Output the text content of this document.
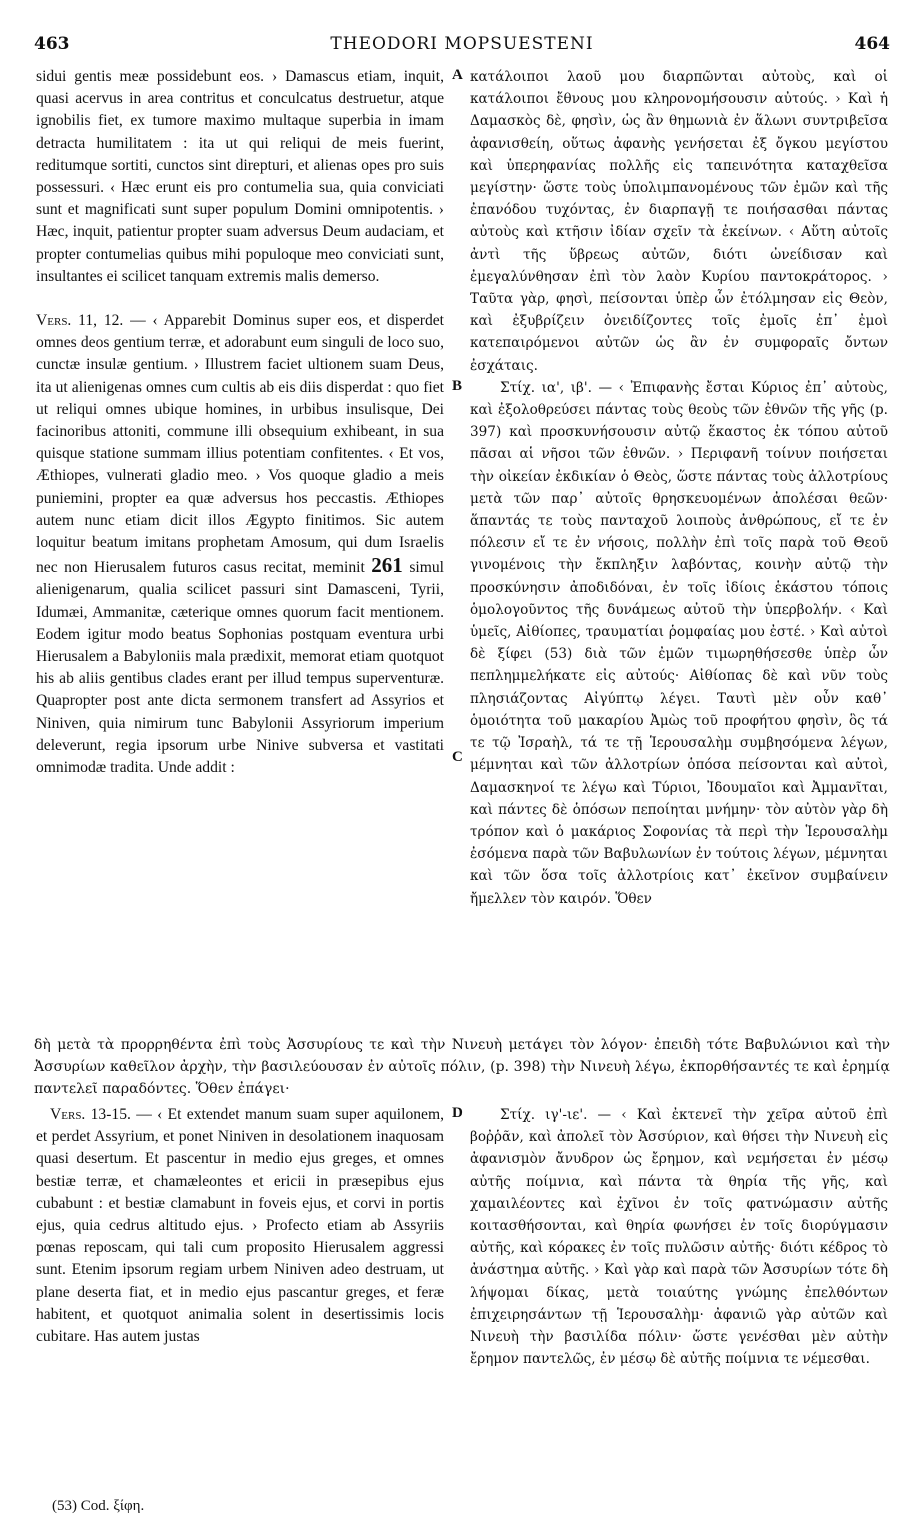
463	THEODORI MOPSUESTENI	464

sidui gentis meæ possidebunt eos. › Damascus etiam, inquit, quasi acervus in area contritus et conculcatus destruetur, atque ignobilis fiet, ex tumore maximo multaque superbia in imam detracta humilitatem : ita ut qui reliqui de meis fuerint, reditumque sortiti, cunctos sint direpturi, et alienas opes pro suis possessuri. ‹ Hæc erunt eis pro contumelia sua, quia conviciati sunt et magnificati sunt super populum Domini omnipotentis. › Hæc, inquit, patientur propter suam adversus Deum audaciam, et propter contumelias quibus mihi populoque meo conviciati sunt, insultantes ei scilicet tanquam extremis malis demerso.

Vers. 11, 12. — ‹ Apparebit Dominus super eos, et disperdet omnes deos gentium terræ, et adorabunt eum singuli de loco suo, cunctæ insulæ gentium. › Illustrem faciet ultionem suam Deus, ita ut alienigenas omnes cum cultis ab eis diis disperdat : quo fiet ut reliqui omnes ubique homines, in urbibus insulisque, Dei facinoribus attoniti, commune illi obsequium exhibeant, in sua quisque statione summam illius potentiam confitentes. ‹ Et vos, Æthiopes, vulnerati gladio meo. › Vos quoque gladio a meis puniemini, propter ea quæ adversus hos peccastis. Æthiopes autem nunc etiam dicit illos Ægypto finitimos. Sic autem loquitur beatum imitans prophetam Amosum, qui dum Israelis nec non Hierusalem futuros casus recitat, meminit 261 simul alienigenarum, qualia scilicet passuri sint Damasceni, Tyrii, Idumæi, Ammanitæ, cæterique omnes quorum facit mentionem. Eodem igitur modo beatus Sophonias postquam eventura urbi Hierusalem a Babyloniis mala prædixit, memorat etiam quotquot his ab aliis gentibus clades erant per illud tempus superventuræ. Quapropter post ante dicta sermonem transfert ad Assyrios et Niniven, quia nimirum tunc Babylonii Assyriorum imperium deleverunt, regia ipsorum urbe Ninive subversa et vastitati omnimodæ tradita. Unde addit :

κατάλοιποι λαοῦ μου διαρπῶνται αὐτοὺς, καὶ οἱ κατάλοιποι ἔθνους μου κληρονομήσουσιν αὐτούς. › Καὶ ἡ Δαμασκὸς δὲ, φησὶν, ὡς ἂν θημωνιὰ ἐν ἅλωνι συντριβεῖσα ἀφανισθείη, οὕτως ἀφανὴς γενήσεται ἐξ ὄγκου μεγίστου καὶ ὑπερηφανίας πολλῆς εἰς ταπεινότητα καταχθεῖσα μεγίστην· ὥστε τοὺς ὑπολιμπανομένους τῶν ἐμῶν καὶ τῆς ἐπανόδου τυχόντας, ἐν διαρπαγῇ τε ποιήσασθαι πάντας αὐτοὺς καὶ κτῆσιν ἰδίαν σχεῖν τὰ ἐκείνων. ‹ Αὕτη αὐτοῖς ἀντὶ τῆς ὕβρεως αὐτῶν, διότι ὠνείδισαν καὶ ἐμεγαλύνθησαν ἐπὶ τὸν λαὸν Κυρίου παντοκράτορος. › Ταῦτα γὰρ, φησὶ, πείσονται ὑπὲρ ὧν ἐτόλμησαν εἰς Θεὸν, καὶ ἐξυβρίζειν ὀνειδίζοντες τοῖς ἐμοῖς ἐπ᾽ ἐμοὶ κατεπαιρόμενοι αὐτῶν ὡς ἂν ἐν συμφοραῖς ὄντων ἐσχάταις.

Στίχ. ια', ιβ'. — ‹ Ἐπιφανὴς ἔσται Κύριος ἐπ᾽ αὐτοὺς, καὶ ἐξολοθρεύσει πάντας τοὺς θεοὺς τῶν ἐθνῶν τῆς γῆς (p. 397) καὶ προσκυνήσουσιν αὐτῷ ἕκαστος ἐκ τόπου αὐτοῦ πᾶσαι αἱ νῆσοι τῶν ἐθνῶν. › Περιφανῆ τοίνυν ποιήσεται τὴν οἰκείαν ἐκδικίαν ὁ Θεὸς, ὥστε πάντας τοὺς ἀλλοτρίους μετὰ τῶν παρ᾽ αὐτοῖς θρησκευομένων ἀπολέσαι θεῶν· ἅπαντάς τε τοὺς πανταχοῦ λοιποὺς ἀνθρώπους, εἴ τε ἐν πόλεσιν εἴ τε ἐν νήσοις, πολλὴν ἐπὶ τοῖς παρὰ τοῦ Θεοῦ γινομένοις τὴν ἔκπληξιν λαβόντας, κοινὴν αὐτῷ τὴν προσκύνησιν ἀποδιδόναι, ἐν τοῖς ἰδίοις ἑκάστου τόποις ὁμολογοῦντος τῆς δυνάμεως αὐτοῦ τὴν ὑπερβολήν. ‹ Καὶ ὑμεῖς, Αἰθίοπες, τραυματίαι ῥομφαίας μου ἐστέ. › Καὶ αὐτοὶ δὲ ξίφει (53) διὰ τῶν ἐμῶν τιμωρηθήσεσθε ὑπὲρ ὧν πεπλημμελήκατε εἰς αὐτούς· Αἰθίοπας δὲ καὶ νῦν τοὺς πλησιάζοντας Αἰγύπτῳ λέγει. Ταυτὶ μὲν οὖν καθ᾽ ὁμοιότητα τοῦ μακαρίου Ἀμὼς τοῦ προφήτου φησὶν, ὃς τά τε τῷ Ἰσραὴλ, τά τε τῇ Ἱερουσαλὴμ συμβησόμενα λέγων, μέμνηται καὶ τῶν ἀλλοτρίων ὁπόσα πείσονται καὶ αὐτοὶ, Δαμασκηνοί τε λέγω καὶ Τύριοι, Ἰδουμαῖοι καὶ Ἀμμανῖται, καὶ πάντες δὲ ὁπόσων πεποίηται μνήμην· τὸν αὐτὸν γὰρ δὴ τρόπον καὶ ὁ μακάριος Σοφονίας τὰ περὶ τὴν Ἱερουσαλὴμ ἐσόμενα παρὰ τῶν Βαβυλωνίων ἐν τούτοις λέγων, μέμνηται καὶ τῶν ὅσα τοῖς ἀλλοτρίοις κατ᾽ ἐκεῖνον συμβαίνειν ἤμελλεν τὸν καιρόν. Ὅθεν

A
B
C
D
δὴ μετὰ τὰ προρρηθέντα ἐπὶ τοὺς Ἀσσυρίους τε καὶ τὴν Νινευὴ μετάγει τὸν λόγον· ἐπειδὴ τότε Βαβυλώνιοι καὶ τὴν Ἀσσυρίων καθεῖλον ἀρχὴν, τὴν βασιλεύουσαν ἐν αὐτοῖς πόλιν, (p. 398) τὴν Νινευὴ λέγω, ἐκπορθήσαντές τε καὶ ἐρημίᾳ παντελεῖ παραδόντες. Ὅθεν ἐπάγει·

Vers. 13-15. — ‹ Et extendet manum suam super aquilonem, et perdet Assyrium, et ponet Niniven in desolationem inaquosam quasi desertum. Et pascentur in medio ejus greges, et omnes bestiæ terræ, et chamæleontes et ericii in præsepibus ejus cubabunt : et bestiæ clamabunt in foveis ejus, et corvi in portis ejus, quia cedrus altitudo ejus. › Profecto etiam ab Assyriis pœnas reposcam, qui tali cum proposito Hierusalem aggressi sunt. Etenim ipsorum regiam urbem Niniven adeo destruam, ut plane deserta fiat, et in medio ejus pascantur greges, et feræ habitent, et quotquot animalia solent in desertissimis locis cubitare. Has autem justas

Στίχ. ιγ'-ιε'. — ‹ Καὶ ἐκτενεῖ τὴν χεῖρα αὐτοῦ ἐπὶ βοῤῥᾶν, καὶ ἀπολεῖ τὸν Ἀσσύριον, καὶ θήσει τὴν Νινευὴ εἰς ἀφανισμὸν ἄνυδρον ὡς ἔρημον, καὶ νεμήσεται ἐν μέσῳ αὐτῆς ποίμνια, καὶ πάντα τὰ θηρία τῆς γῆς, καὶ χαμαιλέοντες καὶ ἐχῖνοι ἐν τοῖς φατνώμασιν αὐτῆς κοιτασθήσονται, καὶ θηρία φωνήσει ἐν τοῖς διορύγμασιν αὐτῆς, καὶ κόρακες ἐν τοῖς πυλῶσιν αὐτῆς· διότι κέδρος τὸ ἀνάστημα αὐτῆς. › Καὶ γὰρ καὶ παρὰ τῶν Ἀσσυρίων τότε δὴ λήψομαι δίκας, μετὰ τοιαύτης γνώμης ἐπελθόντων ἐπιχειρησάντων τῇ Ἱερουσαλὴμ· ἀφανιῶ γὰρ αὐτῶν καὶ Νινευὴ τὴν βασιλίδα πόλιν· ὥστε γενέσθαι μὲν αὐτὴν ἔρημον παντελῶς, ἐν μέσῳ δὲ αὐτῆς ποίμνια τε νέμεσθαι.

(53) Cod. ξίφη.
